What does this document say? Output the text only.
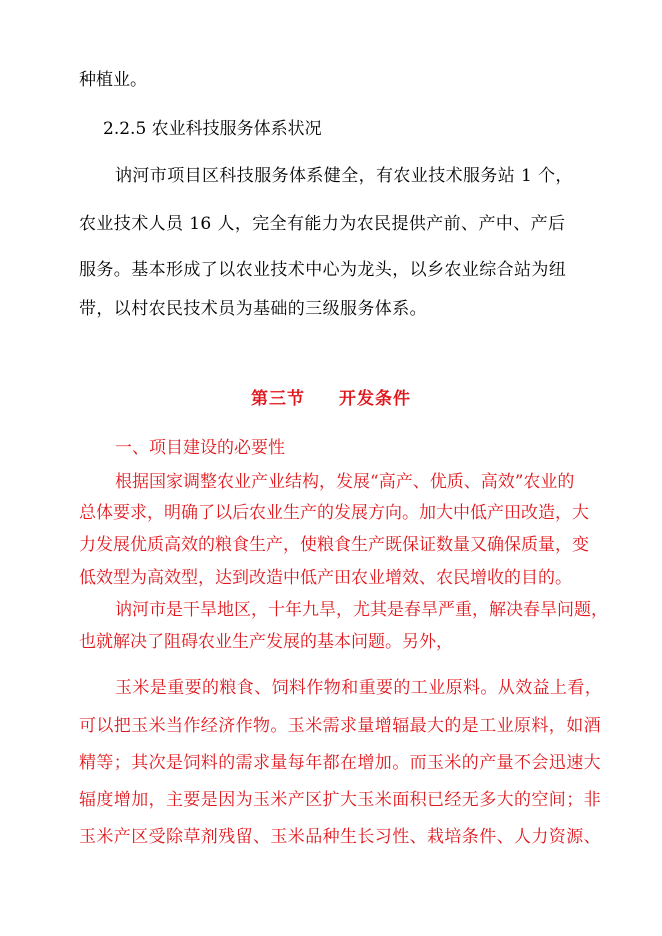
种植业。
2.2.5 农业科技服务体系状况
讷河市项目区科技服务体系健全，有农业技术服务站 1 个，
农业技术人员 16 人，完全有能力为农民提供产前、产中、产后
服务。基本形成了以农业技术中心为龙头，以乡农业综合站为纽
带，以村农民技术员为基础的三级服务体系。
第三节 开发条件
一、项目建设的必要性
根据国家调整农业产业结构，发展“高产、优质、高效”农业的
总体要求，明确了以后农业生产的发展方向。加大中低产田改造，大
力发展优质高效的粮食生产，使粮食生产既保证数量又确保质量，变
低效型为高效型，达到改造中低产田农业增效、农民增收的目的。
讷河市是干旱地区，十年九旱，尤其是春旱严重，解决春旱问题，
也就解决了阻碍农业生产发展的基本问题。另外，
玉米是重要的粮食、饲料作物和重要的工业原料。从效益上看，
可以把玉米当作经济作物。玉米需求量增辐最大的是工业原料，如酒
精等；其次是饲料的需求量每年都在增加。而玉米的产量不会迅速大
辐度增加，主要是因为玉米产区扩大玉米面积已经无多大的空间；非
玉米产区受除草剂残留、玉米品种生长习性、栽培条件、人力资源、
